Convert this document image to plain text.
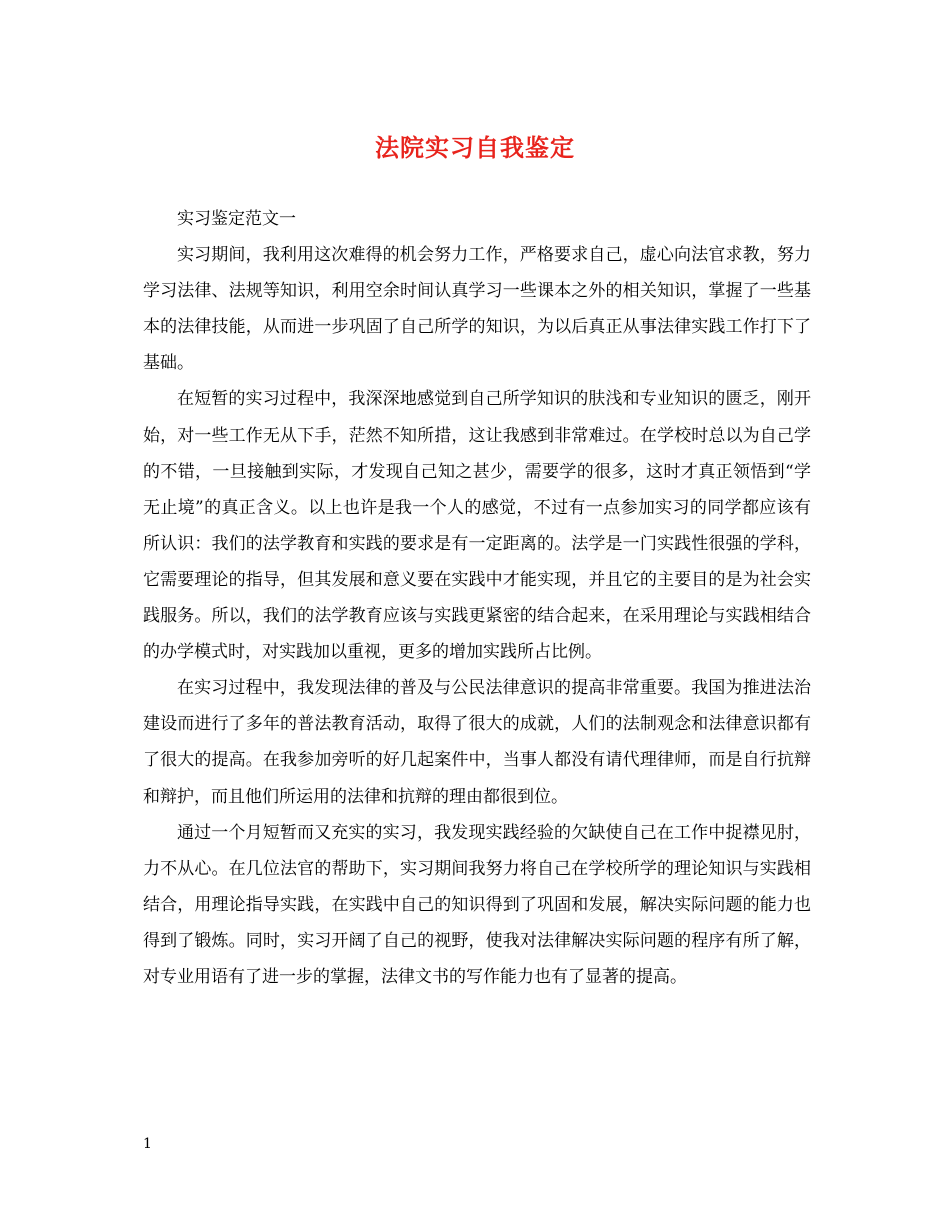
法院实习自我鉴定

实习鉴定范文一

实习期间，我利用这次难得的机会努力工作，严格要求自己，虚心向法官求教，努力学习法律、法规等知识，利用空余时间认真学习一些课本之外的相关知识，掌握了一些基本的法律技能，从而进一步巩固了自己所学的知识，为以后真正从事法律实践工作打下了基础。

在短暂的实习过程中，我深深地感觉到自己所学知识的肤浅和专业知识的匮乏，刚开始，对一些工作无从下手，茫然不知所措，这让我感到非常难过。在学校时总以为自己学的不错，一旦接触到实际，才发现自己知之甚少，需要学的很多，这时才真正领悟到“学无止境”的真正含义。以上也许是我一个人的感觉，不过有一点参加实习的同学都应该有所认识：我们的法学教育和实践的要求是有一定距离的。法学是一门实践性很强的学科，它需要理论的指导，但其发展和意义要在实践中才能实现，并且它的主要目的是为社会实践服务。所以，我们的法学教育应该与实践更紧密的结合起来，在采用理论与实践相结合的办学模式时，对实践加以重视，更多的增加实践所占比例。

在实习过程中，我发现法律的普及与公民法律意识的提高非常重要。我国为推进法治建设而进行了多年的普法教育活动，取得了很大的成就，人们的法制观念和法律意识都有了很大的提高。在我参加旁听的好几起案件中，当事人都没有请代理律师，而是自行抗辩和辩护，而且他们所运用的法律和抗辩的理由都很到位。

通过一个月短暂而又充实的实习，我发现实践经验的欠缺使自己在工作中捉襟见肘，力不从心。在几位法官的帮助下，实习期间我努力将自己在学校所学的理论知识与实践相结合，用理论指导实践，在实践中自己的知识得到了巩固和发展，解决实际问题的能力也得到了锻炼。同时，实习开阔了自己的视野，使我对法律解决实际问题的程序有所了解，对专业用语有了进一步的掌握，法律文书的写作能力也有了显著的提高。

1
